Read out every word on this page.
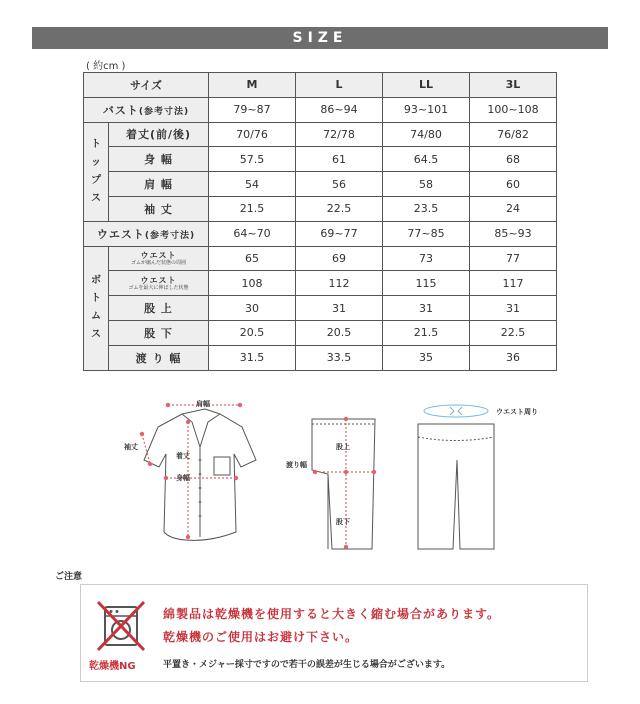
SIZE
( 約cm )
サイズ		M	L	LL	3L
バスト(参考寸法)		79~87	86~94	93~101	100~108
ト
ッ
プ
ス	着丈(前/後)	70/76	72/78	74/80	76/82
	身 幅	57.5	61	64.5	68
	肩 幅	54	56	58	60
	袖 丈	21.5	22.5	23.5	24
ウエスト(参考寸法)		64~70	69~77	77~85	85~93
ボ
ト
ム
ス	ウエスト
ゴムが縮んだ状態の周囲	65	69	73	77
	ウエスト
ゴムを最大に伸ばした状態	108	112	115	117
	股 上	30	31	31	31
	股 下	20.5	20.5	21.5	22.5
	渡 り 幅	31.5	33.5	35	36
肩幅
袖丈
着丈
身幅
股上
渡り幅
股下
ウエスト周り
ご注意
乾燥機NG
綿製品は乾燥機を使用すると大きく縮む場合があります。
乾燥機のご使用はお避け下さい。
平置き・メジャー採寸ですので若干の誤差が生じる場合がございます。
